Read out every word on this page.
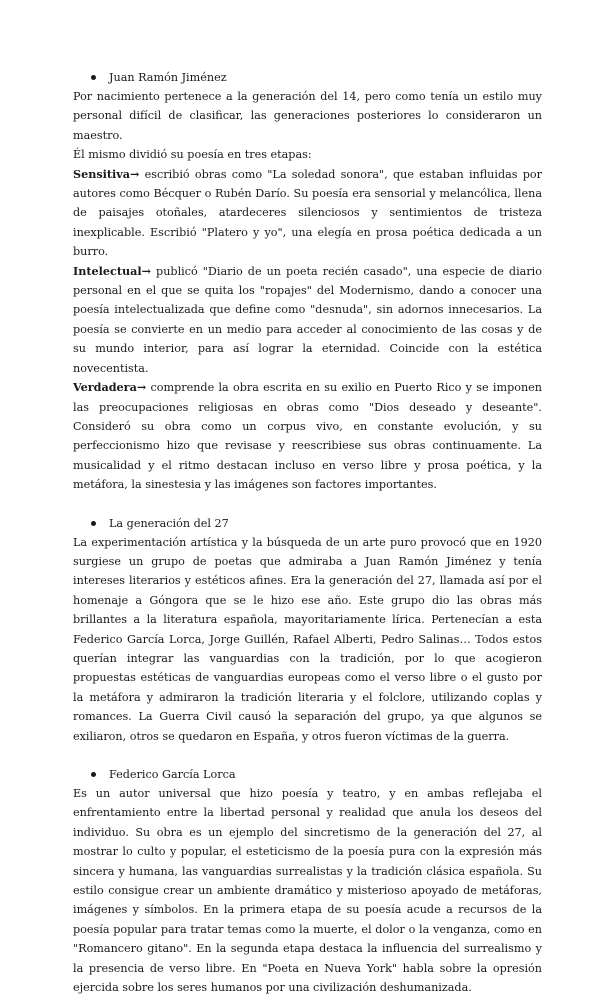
Juan Ramón Jiménez

Por nacimiento pertenece a la generación del 14, pero como tenía un estilo muy personal difícil de clasificar, las generaciones posteriores lo consideraron un maestro.

Él mismo dividió su poesía en tres etapas:

Sensitiva→ escribió obras como "La soledad sonora", que estaban influidas por autores como Bécquer o Rubén Darío. Su poesía era sensorial y melancólica, llena de paisajes otoñales, atardeceres silenciosos y sentimientos de tristeza inexplicable. Escribió "Platero y yo", una elegía en prosa poética dedicada a un burro.

Intelectual→ publicó "Diario de un poeta recién casado", una especie de diario personal en el que se quita los "ropajes" del Modernismo, dando a conocer una poesía intelectualizada que define como "desnuda", sin adornos innecesarios. La poesía se convierte en un medio para acceder al conocimiento de las cosas y de su mundo interior, para así lograr la eternidad. Coincide con la estética novecentista.

Verdadera→ comprende la obra escrita en su exilio en Puerto Rico y se imponen las preocupaciones religiosas en obras como "Dios deseado y deseante". Consideró su obra como un corpus vivo, en constante evolución, y su perfeccionismo hizo que revisase y reescribiese sus obras continuamente. La musicalidad y el ritmo destacan incluso en verso libre y prosa poética, y la metáfora, la sinestesia y las imágenes son factores importantes.

La generación del 27

La experimentación artística y la búsqueda de un arte puro provocó que en 1920 surgiese un grupo de poetas que admiraba a Juan Ramón Jiménez y tenía intereses literarios y estéticos afines. Era la generación del 27, llamada así por el homenaje a Góngora que se le hizo ese año. Este grupo dio las obras más brillantes a la literatura española, mayoritariamente lírica. Pertenecían a esta Federico García Lorca, Jorge Guillén, Rafael Alberti, Pedro Salinas… Todos estos querían integrar las vanguardias con la tradición, por lo que acogieron propuestas estéticas de vanguardias europeas como el verso libre o el gusto por la metáfora y admiraron la tradición literaria y el folclore, utilizando coplas y romances. La Guerra Civil causó la separación del grupo, ya que algunos se exiliaron, otros se quedaron en España, y otros fueron víctimas de la guerra.

Federico García Lorca

Es un autor universal que hizo poesía y teatro, y en ambas reflejaba el enfrentamiento entre la libertad personal y realidad que anula los deseos del individuo. Su obra es un ejemplo del sincretismo de la generación del 27, al mostrar lo culto y popular, el esteticismo de la poesía pura con la expresión más sincera y humana, las vanguardias surrealistas y la tradición clásica española. Su estilo consigue crear un ambiente dramático y misterioso apoyado de metáforas, imágenes y símbolos. En la primera etapa de su poesía acude a recursos de la poesía popular para tratar temas como la muerte, el dolor o la venganza, como en "Romancero gitano". En la segunda etapa destaca la influencia del surrealismo y la presencia de verso libre. En "Poeta en Nueva York" habla sobre la opresión ejercida sobre los seres humanos por una civilización deshumanizada.
